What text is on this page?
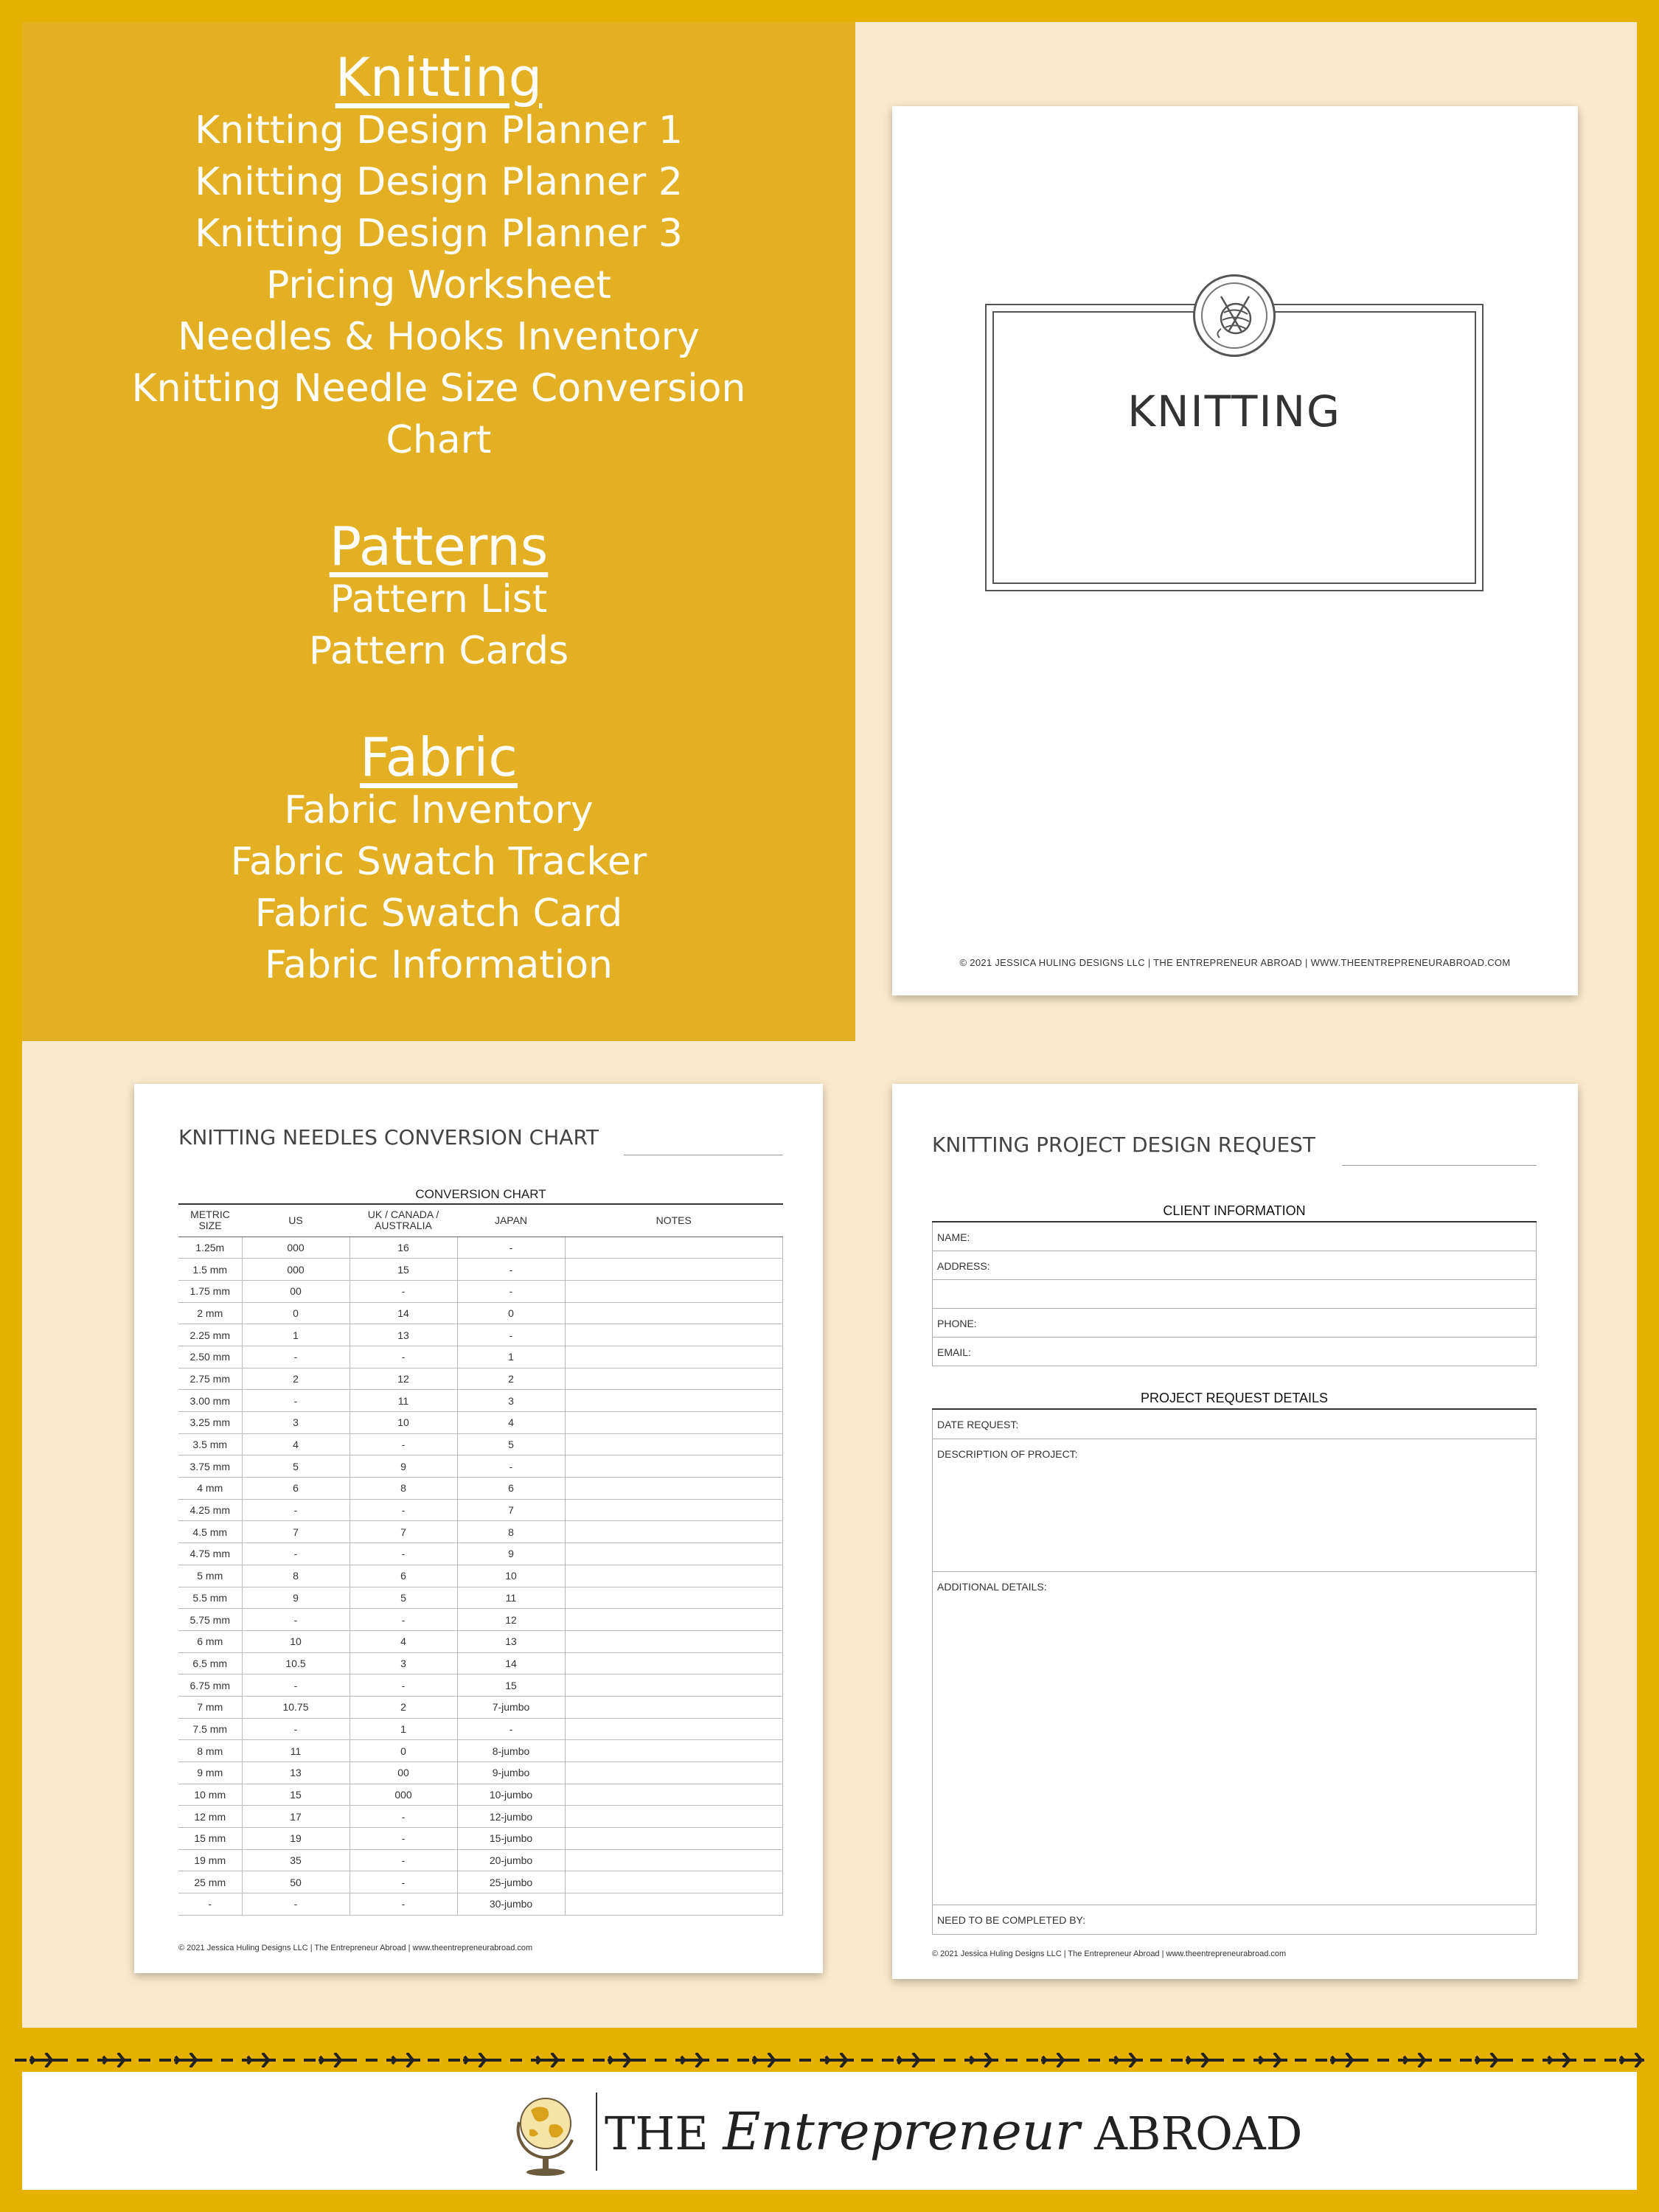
Knitting
Knitting Design Planner 1
Knitting Design Planner 2
Knitting Design Planner 3
Pricing Worksheet
Needles & Hooks Inventory
Knitting Needle Size Conversion
Chart
Patterns
Pattern List
Pattern Cards
Fabric
Fabric Inventory
Fabric Swatch Tracker
Fabric Swatch Card
Fabric Information
KNITTING
© 2021 JESSICA HULING DESIGNS LLC | THE ENTREPRENEUR ABROAD | WWW.THEENTREPRENEURABROAD.COM
KNITTING NEEDLES CONVERSION CHART
CONVERSION CHART
METRIC SIZE	US	UK / CANADA / AUSTRALIA	JAPAN	NOTES
1.25m	000	16	-	
1.5 mm	000	15	-	
1.75 mm	00	-	-	
2 mm	0	14	0	
2.25 mm	1	13	-	
2.50 mm	-	-	1	
2.75 mm	2	12	2	
3.00 mm	-	11	3	
3.25 mm	3	10	4	
3.5 mm	4	-	5	
3.75 mm	5	9	-	
4 mm	6	8	6	
4.25 mm	-	-	7	
4.5 mm	7	7	8	
4.75 mm	-	-	9	
5 mm	8	6	10	
5.5 mm	9	5	11	
5.75 mm	-	-	12	
6 mm	10	4	13	
6.5 mm	10.5	3	14	
6.75 mm	-	-	15	
7 mm	10.75	2	7-jumbo	
7.5 mm	-	1	-	
8 mm	11	0	8-jumbo	
9 mm	13	00	9-jumbo	
10 mm	15	000	10-jumbo	
12 mm	17	-	12-jumbo	
15 mm	19	-	15-jumbo	
19 mm	35	-	20-jumbo	
25 mm	50	-	25-jumbo	
-	-	-	30-jumbo	
© 2021 Jessica Huling Designs LLC | The Entrepreneur Abroad | www.theentrepreneurabroad.com
KNITTING PROJECT DESIGN REQUEST
CLIENT INFORMATION
NAME:
ADDRESS:
PHONE:
EMAIL:
PROJECT REQUEST DETAILS
DATE REQUEST:
DESCRIPTION OF PROJECT:
ADDITIONAL DETAILS:
NEED TO BE COMPLETED BY:
© 2021 Jessica Huling Designs LLC | The Entrepreneur Abroad | www.theentrepreneurabroad.com
THE Entrepreneur ABROAD
